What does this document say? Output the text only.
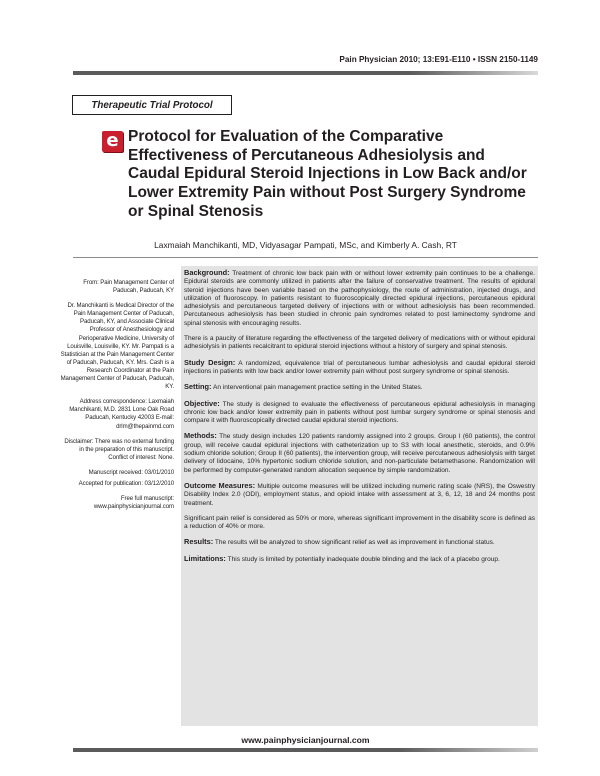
Pain Physician 2010; 13:E91-E110 • ISSN 2150-1149
Therapeutic Trial Protocol
e Protocol for Evaluation of the Comparative Effectiveness of Percutaneous Adhesiolysis and Caudal Epidural Steroid Injections in Low Back and/or Lower Extremity Pain without Post Surgery Syndrome or Spinal Stenosis
Laxmaiah Manchikanti, MD, Vidyasagar Pampati, MSc, and Kimberly A. Cash, RT

From: Pain Management Center of Paducah, Paducah, KY

Dr. Manchikanti is Medical Director of the Pain Management Center of Paducah, Paducah, KY, and Associate Clinical Professor of Anesthesiology and Perioperative Medicine, University of Louisville, Louisville, KY. Mr. Pampati is a Statistician at the Pain Management Center of Paducah, Paducah, KY. Mrs. Cash is a Research Coordinator at the Pain Management Center of Paducah, Paducah, KY.

Address correspondence: Laxmaiah Manchikanti, M.D. 2831 Lone Oak Road Paducah, Kentucky 42003 E-mail: drlm@thepainmd.com

Disclaimer: There was no external funding in the preparation of this manuscript. Conflict of interest: None.

Manuscript received: 03/01/2010

Accepted for publication: 03/12/2010

Free full manuscript: www.painphysicianjournal.com

Background: Treatment of chronic low back pain with or without lower extremity pain continues to be a challenge. Epidural steroids are commonly utilized in patients after the failure of conservative treatment. The results of epidural steroid injections have been variable based on the pathophysiology, the route of administration, injected drugs, and utilization of fluoroscopy. In patients resistant to fluoroscopically directed epidural injections, percutaneous epidural adhesiolysis and percutaneous targeted delivery of injections with or without adhesiolysis has been recommended. Percutaneous adhesiolysis has been studied in chronic pain syndromes related to post laminectomy syndrome and spinal stenosis with encouraging results.

There is a paucity of literature regarding the effectiveness of the targeted delivery of medications with or without epidural adhesiolysis in patients recalcitrant to epidural steroid injections without a history of surgery and spinal stenosis.

Study Design: A randomized, equivalence trial of percutaneous lumbar adhesiolysis and caudal epidural steroid injections in patients with low back and/or lower extremity pain without post surgery syndrome or spinal stenosis.

Setting: An interventional pain management practice setting in the United States.

Objective: The study is designed to evaluate the effectiveness of percutaneous epidural adhesiolysis in managing chronic low back and/or lower extremity pain in patients without post lumbar surgery syndrome or spinal stenosis and compare it with fluoroscopically directed caudal epidural steroid injections.

Methods: The study design includes 120 patients randomly assigned into 2 groups. Group I (60 patients), the control group, will receive caudal epidural injections with catheterization up to S3 with local anesthetic, steroids, and 0.9% sodium chloride solution; Group II (60 patients), the intervention group, will receive percutaneous adhesiolysis with target delivery of lidocaine, 10% hypertonic sodium chloride solution, and non-particulate betamethasone. Randomization will be performed by computer-generated random allocation sequence by simple randomization.

Outcome Measures: Multiple outcome measures will be utilized including numeric rating scale (NRS), the Oswestry Disability Index 2.0 (ODI), employment status, and opioid intake with assessment at 3, 6, 12, 18 and 24 months post treatment.

Significant pain relief is considered as 50% or more, whereas significant improvement in the disability score is defined as a reduction of 40% or more.

Results: The results will be analyzed to show significant relief as well as improvement in functional status.

Limitations: This study is limited by potentially inadequate double blinding and the lack of a placebo group.

www.painphysicianjournal.com
